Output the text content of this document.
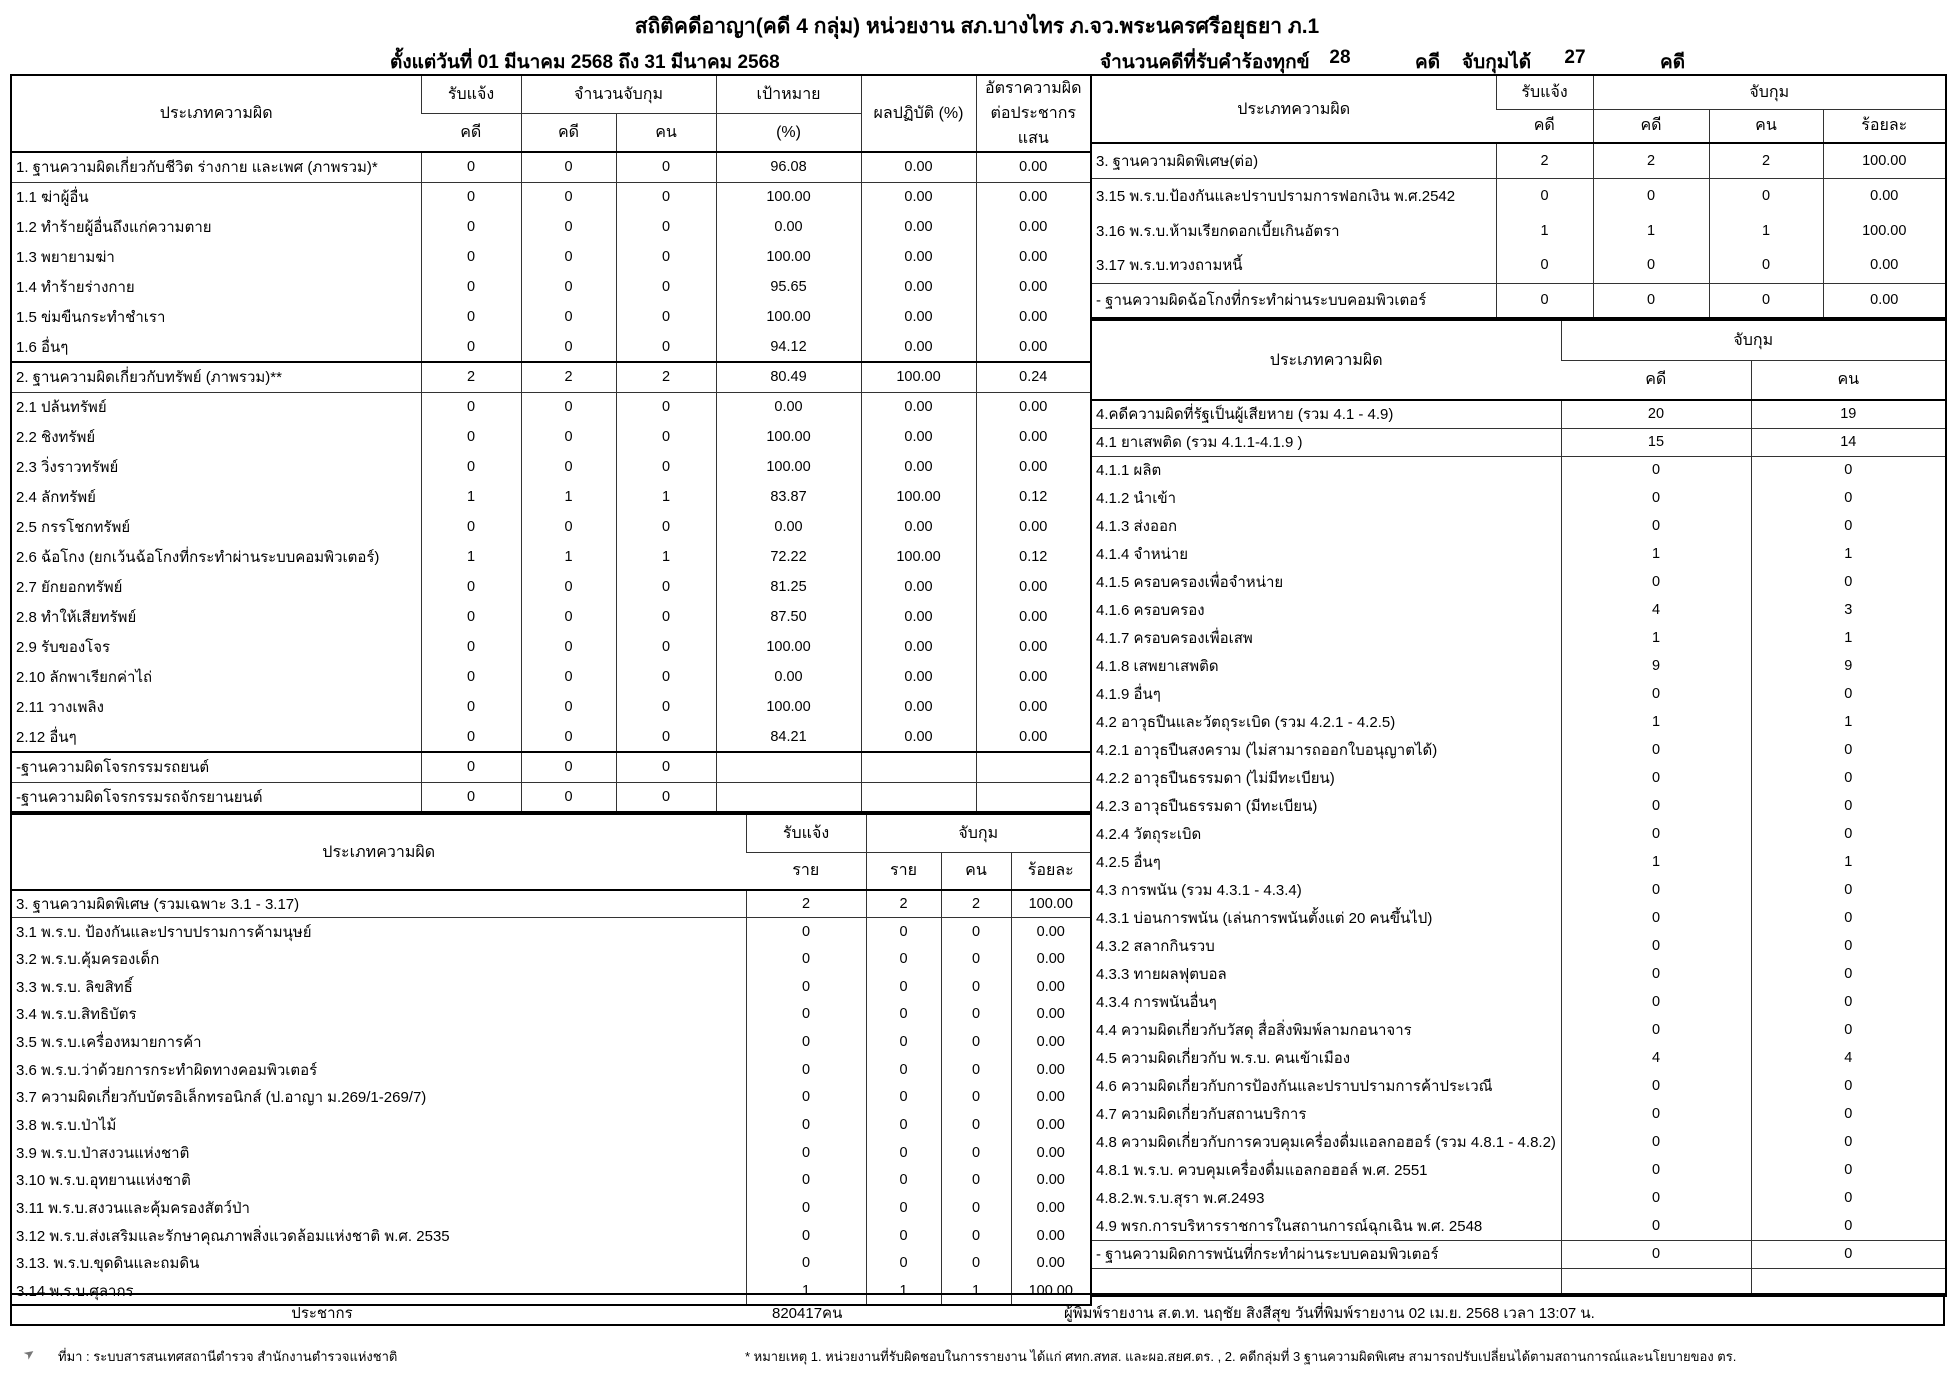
สถิติคดีอาญา(คดี 4 กลุ่ม) หน่วยงาน สภ.บางไทร ภ.จว.พระนครศรีอยุธยา ภ.1
ตั้งแต่วันที่ 01 มีนาคม 2568 ถึง 31 มีนาคม 2568	จำนวนคดีที่รับคำร้องทุกข์	28	คดี จับกุมได้	27	คดี
ประเภทความผิด	รับแจ้ง	จำนวนจับกุม		เป้าหมาย	ผลปฏิบัติ (%)	อัตราความผิด
ต่อประชากรแสน
	คดี	คดี	คน	(%)		
1. ฐานความผิดเกี่ยวกับชีวิต ร่างกาย และเพศ (ภาพรวม)*	0	0	0	96.08	0.00	0.00
1.1 ฆ่าผู้อื่น	0	0	0	100.00	0.00	0.00
1.2 ทำร้ายผู้อื่นถึงแก่ความตาย	0	0	0	0.00	0.00	0.00
1.3 พยายามฆ่า	0	0	0	100.00	0.00	0.00
1.4 ทำร้ายร่างกาย	0	0	0	95.65	0.00	0.00
1.5 ข่มขืนกระทำชำเรา	0	0	0	100.00	0.00	0.00
1.6 อื่นๆ	0	0	0	94.12	0.00	0.00
2. ฐานความผิดเกี่ยวกับทรัพย์ (ภาพรวม)**	2	2	2	80.49	100.00	0.24
2.1 ปล้นทรัพย์	0	0	0	0.00	0.00	0.00
2.2 ชิงทรัพย์	0	0	0	100.00	0.00	0.00
2.3 วิ่งราวทรัพย์	0	0	0	100.00	0.00	0.00
2.4 ลักทรัพย์	1	1	1	83.87	100.00	0.12
2.5 กรรโชกทรัพย์	0	0	0	0.00	0.00	0.00
2.6 ฉ้อโกง (ยกเว้นฉ้อโกงที่กระทำผ่านระบบคอมพิวเตอร์)	1	1	1	72.22	100.00	0.12
2.7 ยักยอกทรัพย์	0	0	0	81.25	0.00	0.00
2.8 ทำให้เสียทรัพย์	0	0	0	87.50	0.00	0.00
2.9 รับของโจร	0	0	0	100.00	0.00	0.00
2.10 ลักพาเรียกค่าไถ่	0	0	0	0.00	0.00	0.00
2.11 วางเพลิง	0	0	0	100.00	0.00	0.00
2.12 อื่นๆ	0	0	0	84.21	0.00	0.00
-ฐานความผิดโจรกรรมรถยนต์	0	0	0			
-ฐานความผิดโจรกรรมรถจักรยานยนต์	0	0	0			
ประเภทความผิด	รับแจ้ง	จับกุม		
	ราย	ราย	คน	ร้อยละ
3. ฐานความผิดพิเศษ (รวมเฉพาะ 3.1 - 3.17)	2	2	2	100.00
3.1 พ.ร.บ. ป้องกันและปราบปรามการค้ามนุษย์	0	0	0	0.00
3.2 พ.ร.บ.คุ้มครองเด็ก	0	0	0	0.00
3.3 พ.ร.บ. ลิขสิทธิ์	0	0	0	0.00
3.4 พ.ร.บ.สิทธิบัตร	0	0	0	0.00
3.5 พ.ร.บ.เครื่องหมายการค้า	0	0	0	0.00
3.6 พ.ร.บ.ว่าด้วยการกระทำผิดทางคอมพิวเตอร์	0	0	0	0.00
3.7 ความผิดเกี่ยวกับบัตรอิเล็กทรอนิกส์ (ป.อาญา ม.269/1-269/7)	0	0	0	0.00
3.8 พ.ร.บ.ป่าไม้	0	0	0	0.00
3.9 พ.ร.บ.ป่าสงวนแห่งชาติ	0	0	0	0.00
3.10 พ.ร.บ.อุทยานแห่งชาติ	0	0	0	0.00
3.11 พ.ร.บ.สงวนและคุ้มครองสัตว์ป่า	0	0	0	0.00
3.12 พ.ร.บ.ส่งเสริมและรักษาคุณภาพสิ่งแวดล้อมแห่งชาติ พ.ศ. 2535	0	0	0	0.00
3.13. พ.ร.บ.ขุดดินและถมดิน	0	0	0	0.00
3.14 พ.ร.บ.ศุลากร	1	1	1	100.00
ประเภทความผิด	รับแจ้ง	จับกุม		
	คดี	คดี	คน	ร้อยละ
3. ฐานความผิดพิเศษ(ต่อ)	2	2	2	100.00
3.15 พ.ร.บ.ป้องกันและปราบปรามการฟอกเงิน พ.ศ.2542	0	0	0	0.00
3.16 พ.ร.บ.ห้ามเรียกดอกเบี้ยเกินอัตรา	1	1	1	100.00
3.17 พ.ร.บ.ทวงถามหนี้	0	0	0	0.00
- ฐานความผิดฉ้อโกงที่กระทำผ่านระบบคอมพิวเตอร์	0	0	0	0.00
ประเภทความผิด	จับกุม	
	คดี	คน
4.คดีความผิดที่รัฐเป็นผู้เสียหาย (รวม 4.1 - 4.9)	20	19
4.1 ยาเสพติด (รวม 4.1.1-4.1.9 )	15	14
4.1.1 ผลิต	0	0
4.1.2 นำเข้า	0	0
4.1.3 ส่งออก	0	0
4.1.4 จำหน่าย	1	1
4.1.5 ครอบครองเพื่อจำหน่าย	0	0
4.1.6 ครอบครอง	4	3
4.1.7 ครอบครองเพื่อเสพ	1	1
4.1.8 เสพยาเสพติด	9	9
4.1.9 อื่นๆ	0	0
4.2 อาวุธปืนและวัตถุระเบิด (รวม 4.2.1 - 4.2.5)	1	1
4.2.1 อาวุธปืนสงคราม (ไม่สามารถออกใบอนุญาตได้)	0	0
4.2.2 อาวุธปืนธรรมดา (ไม่มีทะเบียน)	0	0
4.2.3 อาวุธปืนธรรมดา (มีทะเบียน)	0	0
4.2.4 วัตถุระเบิด	0	0
4.2.5 อื่นๆ	1	1
4.3 การพนัน (รวม 4.3.1 - 4.3.4)	0	0
4.3.1 บ่อนการพนัน (เล่นการพนันตั้งแต่ 20 คนขึ้นไป)	0	0
4.3.2 สลากกินรวบ	0	0
4.3.3 ทายผลฟุตบอล	0	0
4.3.4 การพนันอื่นๆ	0	0
4.4 ความผิดเกี่ยวกับวัสดุ สื่อสิ่งพิมพ์ลามกอนาจาร	0	0
4.5 ความผิดเกี่ยวกับ พ.ร.บ. คนเข้าเมือง	4	4
4.6 ความผิดเกี่ยวกับการป้องกันและปราบปรามการค้าประเวณี	0	0
4.7 ความผิดเกี่ยวกับสถานบริการ	0	0
4.8 ความผิดเกี่ยวกับการควบคุมเครื่องดื่มแอลกอฮอร์ (รวม 4.8.1 - 4.8.2)	0	0
4.8.1 พ.ร.บ. ควบคุมเครื่องดื่มแอลกอฮอล์ พ.ศ. 2551	0	0
4.8.2.พ.ร.บ.สุรา พ.ศ.2493	0	0
4.9 พรก.การบริหารราชการในสถานการณ์ฉุกเฉิน พ.ศ. 2548	0	0
- ฐานความผิดการพนันที่กระทำผ่านระบบคอมพิวเตอร์	0	0

ประชากร	820417คน	ผู้พิมพ์รายงาน ส.ต.ท. นฤชัย สิงสีสุข วันที่พิมพ์รายงาน 02 เม.ย. 2568 เวลา 13:07 น.
➤ ที่มา : ระบบสารสนเทศสถานีตำรวจ สำนักงานตำรวจแห่งชาติ	* หมายเหตุ 1. หน่วยงานที่รับผิดชอบในการรายงาน ได้แก่ ศทก.สทส. และผอ.สยศ.ตร. , 2. คดีกลุ่มที่ 3 ฐานความผิดพิเศษ สามารถปรับเปลี่ยนได้ตามสถานการณ์และนโยบายของ ตร.
